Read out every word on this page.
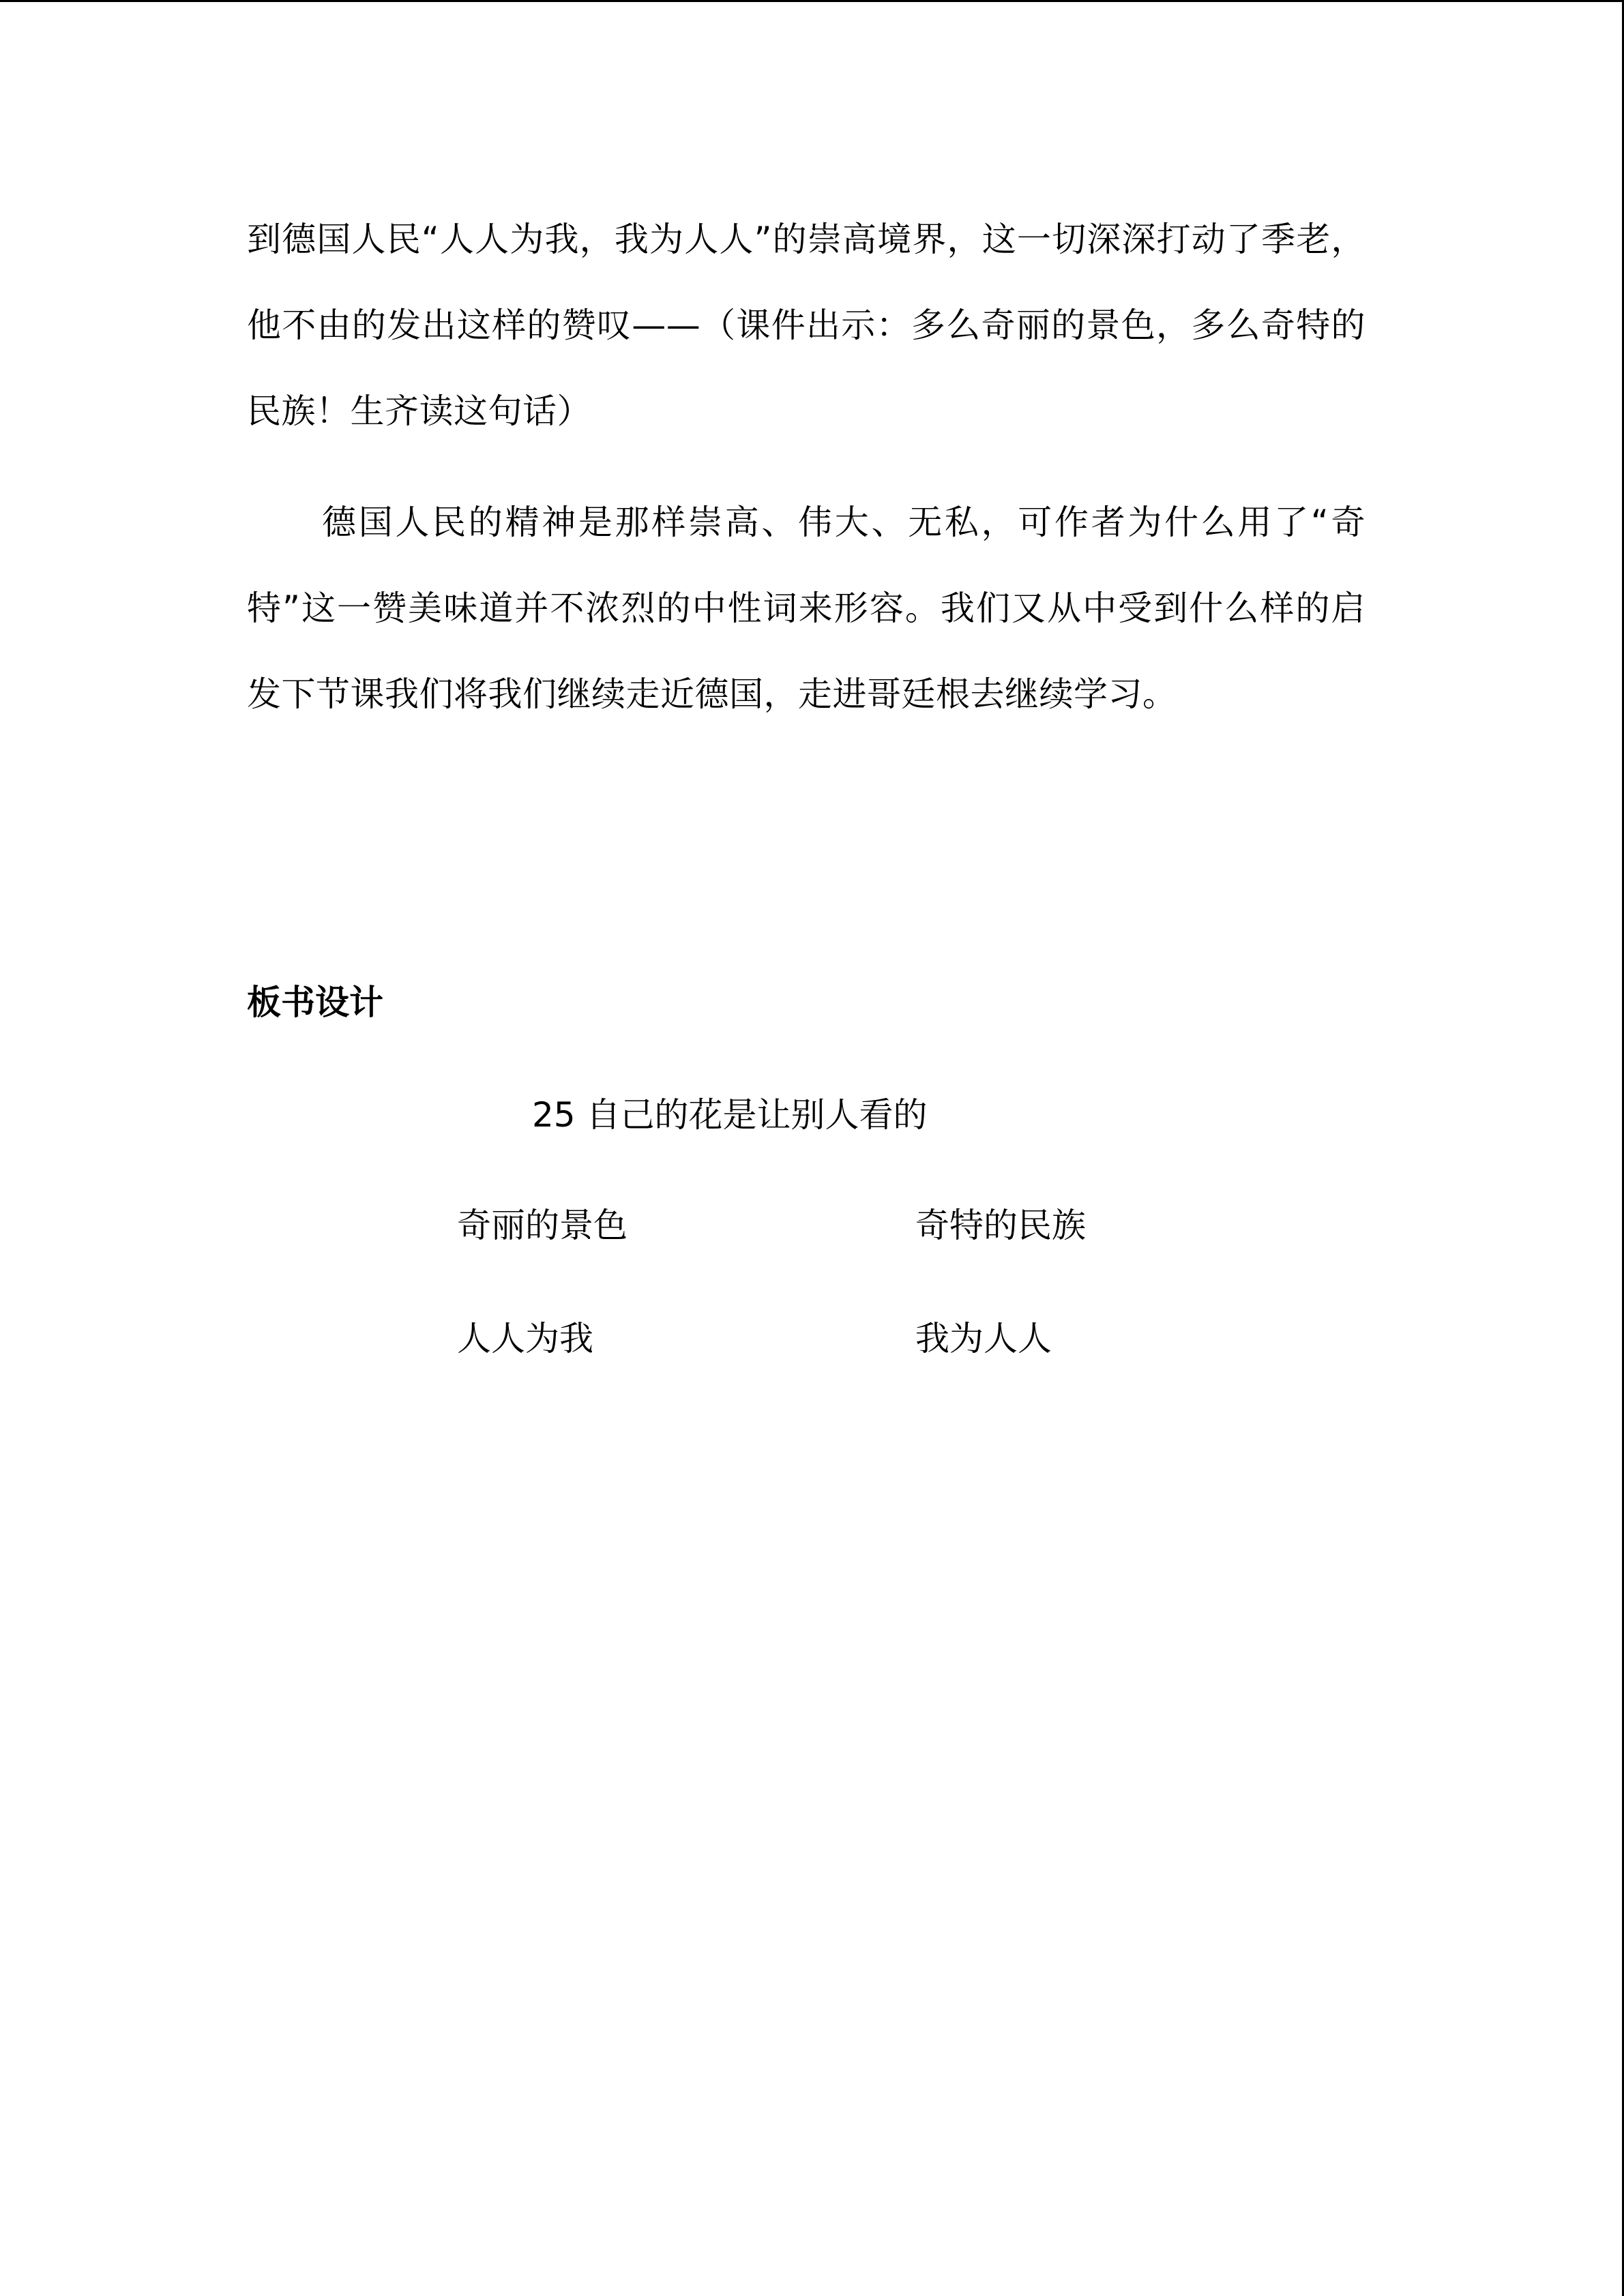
到德国人民“人人为我，我为人人”的崇高境界，这一切深深打动了季老，他不由的发出这样的赞叹——（课件出示：多么奇丽的景色，多么奇特的民族！生齐读这句话）

德国人民的精神是那样崇高、伟大、无私，可作者为什么用了“奇特”这一赞美味道并不浓烈的中性词来形容。我们又从中受到什么样的启发下节课我们将我们继续走近德国，走进哥廷根去继续学习。

板书设计
25 自己的花是让别人看的
奇丽的景色	奇特的民族
人人为我	我为人人
